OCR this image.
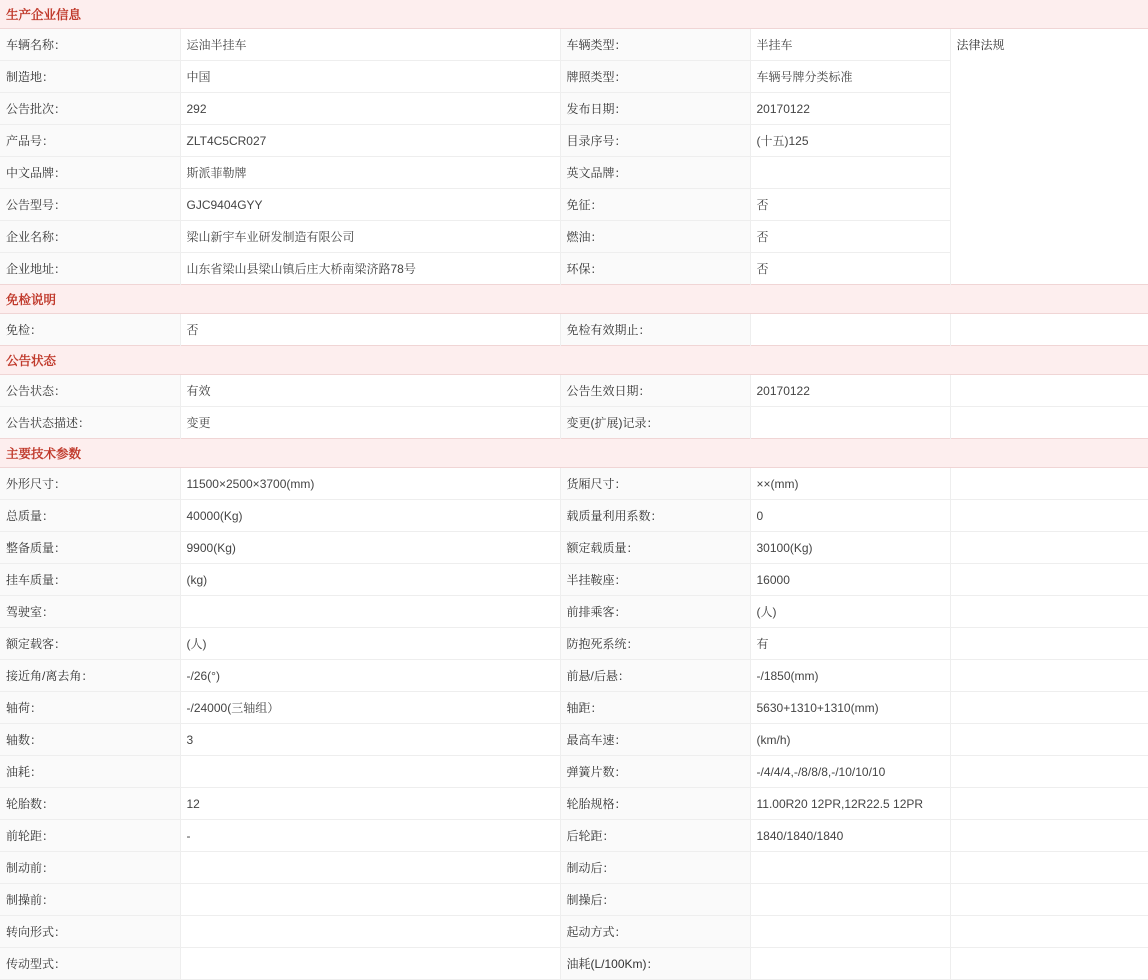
生产企业信息				
车辆名称：	运油半挂车	车辆类型：	半挂车	法律法规
制造地：	中国	牌照类型：	车辆号牌分类标准	
公告批次：	292	发布日期：	20170122	
产品号：	ZLT4C5CR027	目录序号：	(十五)125	
中文品牌：	斯派菲勒牌	英文品牌：		
公告型号：	GJC9404GYY	免征：	否	
企业名称：	梁山新宇车业研发制造有限公司	燃油：	否	
企业地址：	山东省梁山县梁山镇后庄大桥南梁济路78号	环保：	否	
免检说明				
免检：	否	免检有效期止：		
公告状态				
公告状态：	有效	公告生效日期：	20170122	
公告状态描述：	变更	变更(扩展)记录：		
主要技术参数				
外形尺寸：	11500×2500×3700(mm)	货厢尺寸：	××(mm)	
总质量：	40000(Kg)	载质量利用系数：	0	
整备质量：	9900(Kg)	额定载质量：	30100(Kg)	
挂车质量：	(kg)	半挂鞍座：	16000	
驾驶室：		前排乘客：	(人)	
额定载客：	(人)	防抱死系统：	有	
接近角/离去角：	-/26(°)	前悬/后悬：	-/1850(mm)	
轴荷：	-/24000(三轴组）	轴距：	5630+1310+1310(mm)	
轴数：	3	最高车速：	(km/h)	
油耗：		弹簧片数：	-/4/4/4,-/8/8/8,-/10/10/10	
轮胎数：	12	轮胎规格：	11.00R20 12PR,12R22.5 12PR	
前轮距：	-	后轮距：	1840/1840/1840	
制动前：		制动后：		
制操前：		制操后：		
转向形式：		起动方式：		
传动型式：		油耗(L/100Km)：		
